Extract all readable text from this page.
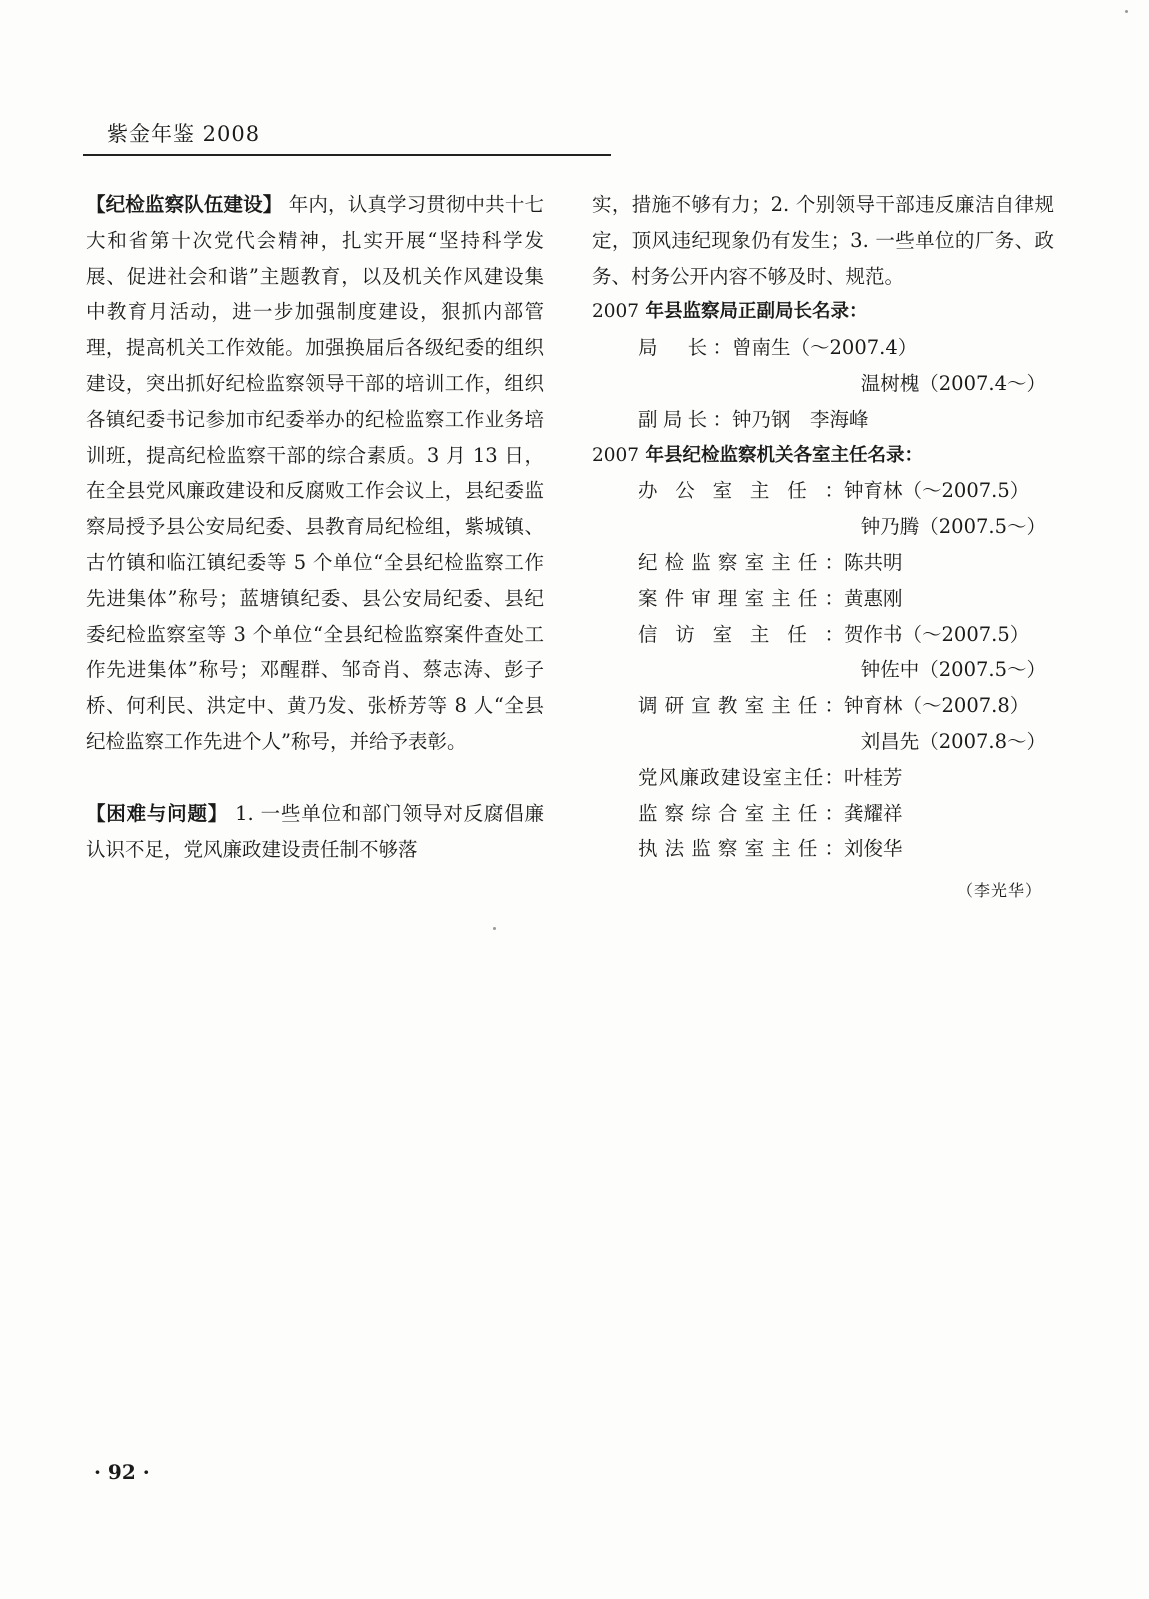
紫金年鉴 2008

【纪检监察队伍建设】 年内，认真学习贯彻中共十七大和省第十次党代会精神，扎实开展“坚持科学发展、促进社会和谐”主题教育，以及机关作风建设集中教育月活动，进一步加强制度建设，狠抓内部管理，提高机关工作效能。加强换届后各级纪委的组织建设，突出抓好纪检监察领导干部的培训工作，组织各镇纪委书记参加市纪委举办的纪检监察工作业务培训班，提高纪检监察干部的综合素质。3 月 13 日，在全县党风廉政建设和反腐败工作会议上，县纪委监察局授予县公安局纪委、县教育局纪检组，紫城镇、古竹镇和临江镇纪委等 5 个单位“全县纪检监察工作先进集体”称号；蓝塘镇纪委、县公安局纪委、县纪委纪检监察室等 3 个单位“全县纪检监察案件查处工作先进集体”称号；邓醒群、邹奇肖、蔡志涛、彭子桥、何利民、洪定中、黄乃发、张桥芳等 8 人“全县纪检监察工作先进个人”称号，并给予表彰。

【困难与问题】 1. 一些单位和部门领导对反腐倡廉认识不足，党风廉政建设责任制不够落

实，措施不够有力；2. 个别领导干部违反廉洁自律规定，顶风违纪现象仍有发生；3. 一些单位的厂务、政务、村务公开内容不够及时、规范。

2007 年县监察局正副局长名录：

局　长： 曾南生（～2007.4）
温树槐（2007.4～）
副局长： 钟乃钢　李海峰

2007 年县纪检监察机关各室主任名录：

办公室主任： 钟育林（～2007.5）
钟乃腾（2007.5～）
纪检监察室主任： 陈共明
案件审理室主任： 黄惠刚
信访室主任： 贺作书（～2007.5）
钟佐中（2007.5～）
调研宣教室主任： 钟育林（～2007.8）
刘昌先（2007.8～）
党风廉政建设室主任： 叶桂芳
监察综合室主任： 龚耀祥
执法监察室主任： 刘俊华
（李光华）
· 92 ·
